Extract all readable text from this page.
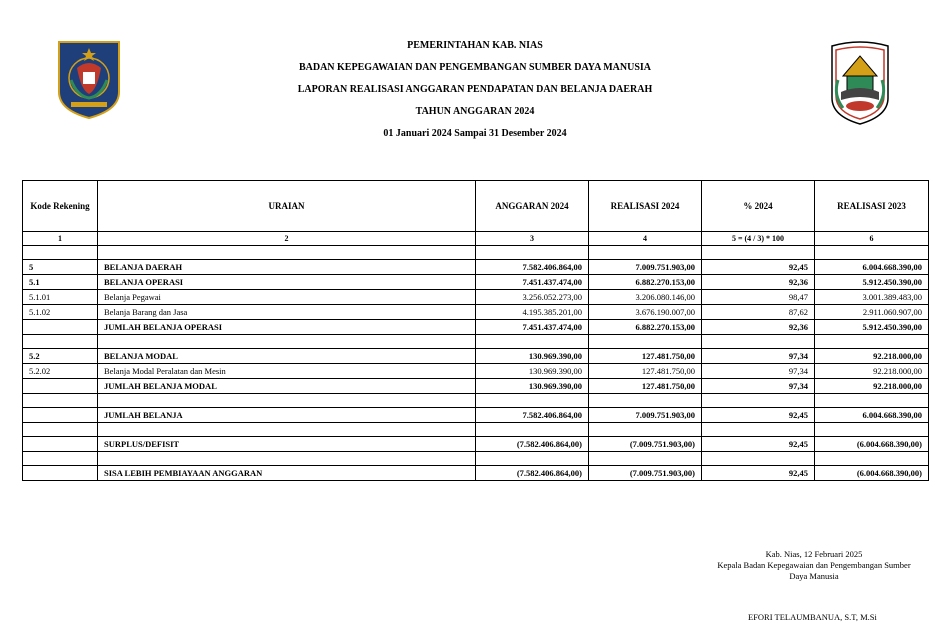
PEMERINTAHAN KAB. NIAS
BADAN KEPEGAWAIAN DAN PENGEMBANGAN SUMBER DAYA MANUSIA
LAPORAN REALISASI ANGGARAN PENDAPATAN DAN BELANJA DAERAH
TAHUN ANGGARAN 2024
01 Januari 2024 Sampai 31 Desember 2024
Kode Rekening	URAIAN	ANGGARAN 2024	REALISASI 2024	% 2024	REALISASI 2023
1	2	3	4	5 = (4 / 3) * 100	6

5	BELANJA DAERAH	7.582.406.864,00	7.009.751.903,00	92,45	6.004.668.390,00
5.1	BELANJA OPERASI	7.451.437.474,00	6.882.270.153,00	92,36	5.912.450.390,00
5.1.01	Belanja Pegawai	3.256.052.273,00	3.206.080.146,00	98,47	3.001.389.483,00
5.1.02	Belanja Barang dan Jasa	4.195.385.201,00	3.676.190.007,00	87,62	2.911.060.907,00
	JUMLAH BELANJA OPERASI	7.451.437.474,00	6.882.270.153,00	92,36	5.912.450.390,00

5.2	BELANJA MODAL	130.969.390,00	127.481.750,00	97,34	92.218.000,00
5.2.02	Belanja Modal Peralatan dan Mesin	130.969.390,00	127.481.750,00	97,34	92.218.000,00
	JUMLAH BELANJA MODAL	130.969.390,00	127.481.750,00	97,34	92.218.000,00

	JUMLAH BELANJA	7.582.406.864,00	7.009.751.903,00	92,45	6.004.668.390,00

	SURPLUS/DEFISIT	(7.582.406.864,00)	(7.009.751.903,00)	92,45	(6.004.668.390,00)

	SISA LEBIH PEMBIAYAAN ANGGARAN	(7.582.406.864,00)	(7.009.751.903,00)	92,45	(6.004.668.390,00)
Kab. Nias, 12 Februari 2025
Kepala Badan Kepegawaian dan Pengembangan Sumber
Daya Manusia
EFORI TELAUMBANUA, S.T, M.Si
